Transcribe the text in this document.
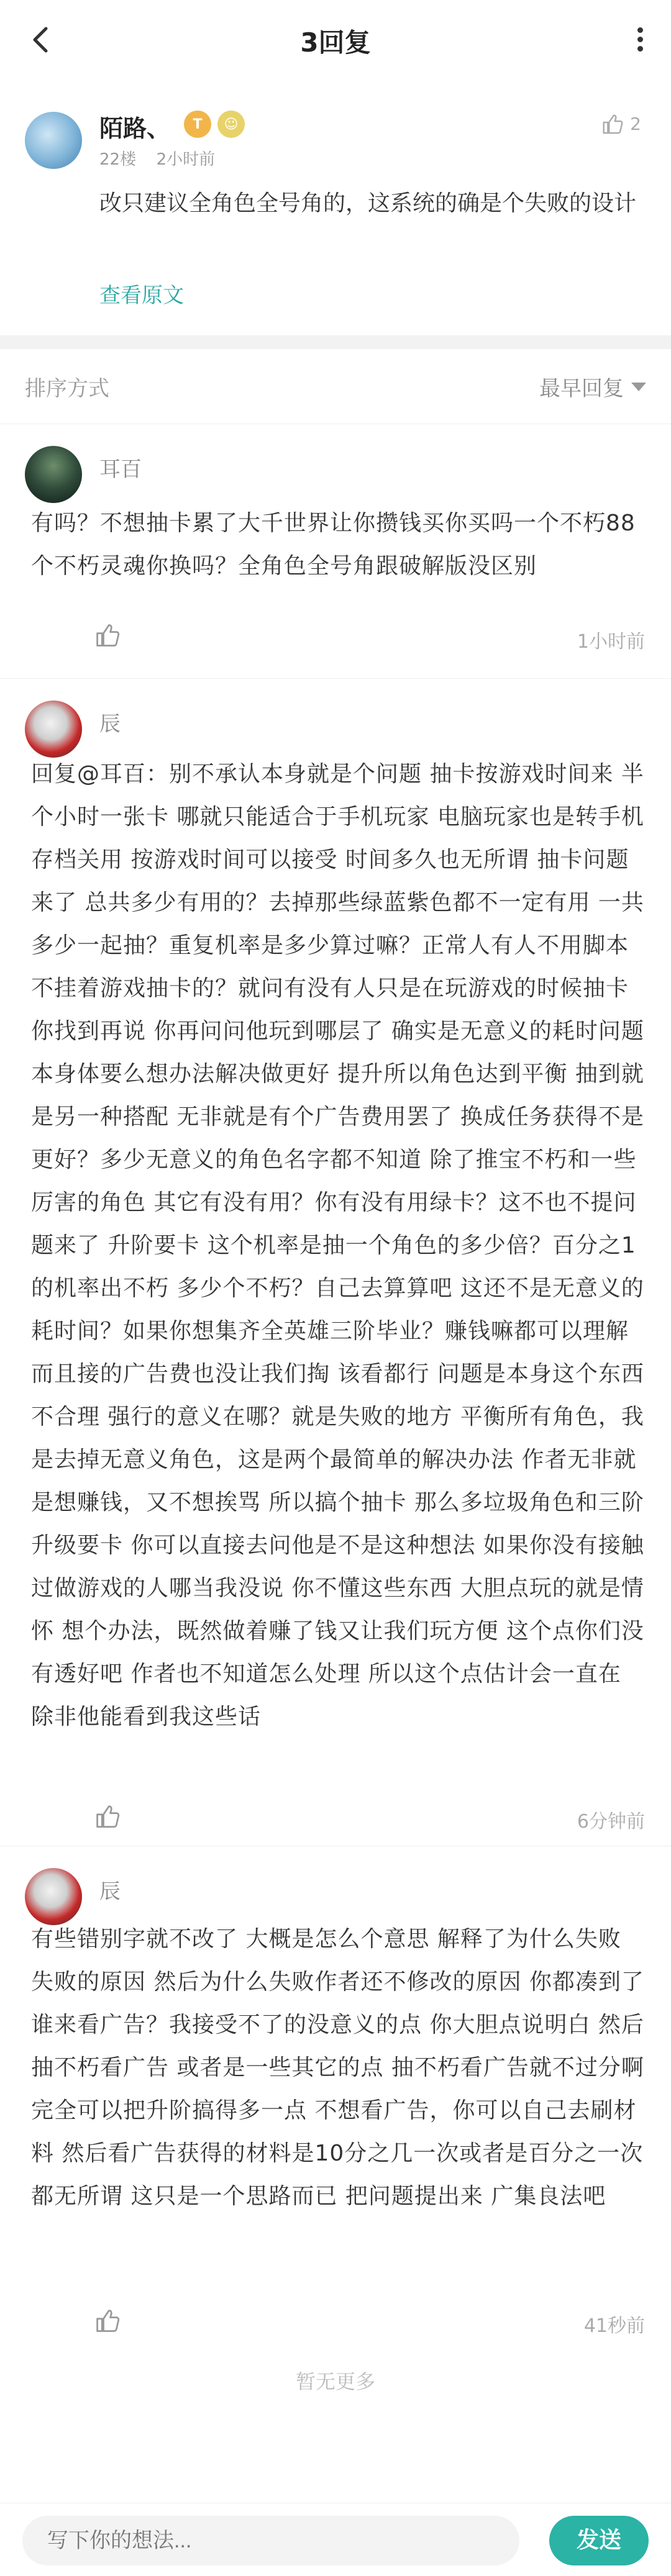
3回复
陌路、	T	☺
22楼 2小时前
2
改只建议全角色全号角的，这系统的确是个失败的设计
查看原文
排序方式	最早回复
耳百
有吗？不想抽卡累了大千世界让你攒钱买你买吗一个不朽88个不朽灵魂你换吗？全角色全号角跟破解版没区别
1小时前
辰
回复@耳百：别不承认本身就是个问题 抽卡按游戏时间来 半个小时一张卡 哪就只能适合于手机玩家 电脑玩家也是转手机存档关用 按游戏时间可以接受 时间多久也无所谓 抽卡问题来了 总共多少有用的？去掉那些绿蓝紫色都不一定有用 一共多少一起抽？重复机率是多少算过嘛？正常人有人不用脚本不挂着游戏抽卡的？就问有没有人只是在玩游戏的时候抽卡 你找到再说 你再问问他玩到哪层了 确实是无意义的耗时问题 本身体要么想办法解决做更好 提升所以角色达到平衡 抽到就是另一种搭配 无非就是有个广告费用罢了 换成任务获得不是更好？多少无意义的角色名字都不知道 除了推宝不朽和一些厉害的角色 其它有没有用？你有没有用绿卡？这不也不提问题来了 升阶要卡 这个机率是抽一个角色的多少倍？百分之1的机率出不朽 多少个不朽？自己去算算吧 这还不是无意义的耗时间？如果你想集齐全英雄三阶毕业？赚钱嘛都可以理解 而且接的广告费也没让我们掏 该看都行 问题是本身这个东西不合理 强行的意义在哪？就是失败的地方 平衡所有角色，我是去掉无意义角色，这是两个最简单的解决办法 作者无非就是想赚钱，又不想挨骂 所以搞个抽卡 那么多垃圾角色和三阶升级要卡 你可以直接去问他是不是这种想法 如果你没有接触过做游戏的人哪当我没说 你不懂这些东西 大胆点玩的就是情怀 想个办法，既然做着赚了钱又让我们玩方便 这个点你们没有透好吧 作者也不知道怎么处理 所以这个点估计会一直在 除非他能看到我这些话
6分钟前
辰
有些错别字就不改了 大概是怎么个意思 解释了为什么失败 失败的原因 然后为什么失败作者还不修改的原因 你都凑到了谁来看广告？我接受不了的没意义的点 你大胆点说明白 然后抽不朽看广告 或者是一些其它的点 抽不朽看广告就不过分啊 完全可以把升阶搞得多一点 不想看广告，你可以自己去刷材料 然后看广告获得的材料是10分之几一次或者是百分之一次 都无所谓 这只是一个思路而已 把问题提出来 广集良法吧
41秒前
暂无更多
写下你的想法...
发送
